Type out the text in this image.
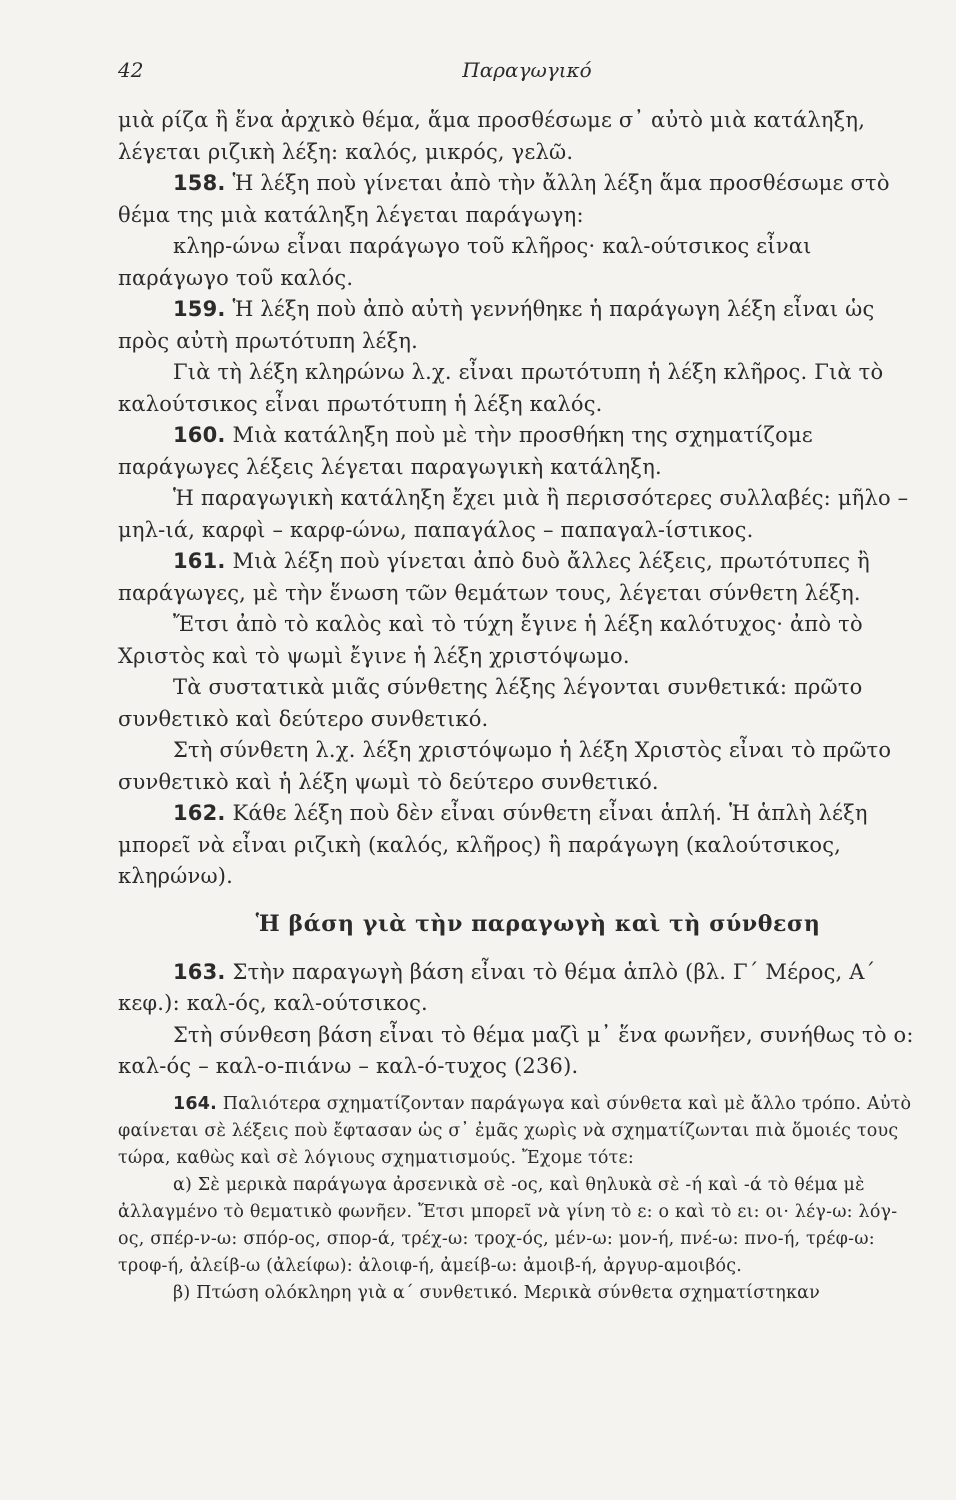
42	Παραγωγικό

μιὰ ρίζα ἢ ἕνα ἀρχικὸ θέμα, ἅμα προσθέσωμε σ᾽ αὐτὸ μιὰ κατάληξη, λέγεται ριζικὴ λέξη: καλός, μικρός, γελῶ.

158. Ἡ λέξη ποὺ γίνεται ἀπὸ τὴν ἄλλη λέξη ἅμα προσθέσωμε στὸ θέμα της μιὰ κατάληξη λέγεται παράγωγη:

κληρ-ώνω εἶναι παράγωγο τοῦ κλῆρος· καλ-ούτσικος εἶναι παράγωγο τοῦ καλός.

159. Ἡ λέξη ποὺ ἀπὸ αὐτὴ γεννήθηκε ἡ παράγωγη λέξη εἶναι ὡς πρὸς αὐτὴ πρωτότυπη λέξη.

Γιὰ τὴ λέξη κληρώνω λ.χ. εἶναι πρωτότυπη ἡ λέξη κλῆρος. Γιὰ τὸ καλούτσικος εἶναι πρωτότυπη ἡ λέξη καλός.

160. Μιὰ κατάληξη ποὺ μὲ τὴν προσθήκη της σχηματίζομε παράγωγες λέξεις λέγεται παραγωγικὴ κατάληξη.

Ἡ παραγωγικὴ κατάληξη ἔχει μιὰ ἢ περισσότερες συλλαβές: μῆλο – μηλ-ιά, καρφὶ – καρφ-ώνω, παπαγάλος – παπαγαλ-ίστικος.

161. Μιὰ λέξη ποὺ γίνεται ἀπὸ δυὸ ἄλλες λέξεις, πρωτότυπες ἢ παράγωγες, μὲ τὴν ἕνωση τῶν θεμάτων τους, λέγεται σύνθετη λέξη.

Ἔτσι ἀπὸ τὸ καλὸς καὶ τὸ τύχη ἔγινε ἡ λέξη καλότυχος· ἀπὸ τὸ Χριστὸς καὶ τὸ ψωμὶ ἔγινε ἡ λέξη χριστόψωμο.

Τὰ συστατικὰ μιᾶς σύνθετης λέξης λέγονται συνθετικά: πρῶτο συνθετικὸ καὶ δεύτερο συνθετικό.

Στὴ σύνθετη λ.χ. λέξη χριστόψωμο ἡ λέξη Χριστὸς εἶναι τὸ πρῶτο συνθετικὸ καὶ ἡ λέξη ψωμὶ τὸ δεύτερο συνθετικό.

162. Κάθε λέξη ποὺ δὲν εἶναι σύνθετη εἶναι ἁπλή. Ἡ ἁπλὴ λέξη μπορεῖ νὰ εἶναι ριζικὴ (καλός, κλῆρος) ἢ παράγωγη (καλούτσικος, κληρώνω).

Ἡ βάση γιὰ τὴν παραγωγὴ καὶ τὴ σύνθεση

163. Στὴν παραγωγὴ βάση εἶναι τὸ θέμα ἁπλὸ (βλ. Γ΄ Μέρος, Α΄ κεφ.): καλ-ός, καλ-ούτσικος.

Στὴ σύνθεση βάση εἶναι τὸ θέμα μαζὶ μ᾽ ἕνα φωνῆεν, συνήθως τὸ ο: καλ-ός – καλ-ο-πιάνω – καλ-ό-τυχος (236).

164. Παλιότερα σχηματίζονταν παράγωγα καὶ σύνθετα καὶ μὲ ἄλλο τρόπο. Αὐτὸ φαίνεται σὲ λέξεις ποὺ ἔφτασαν ὡς σ᾽ ἐμᾶς χωρὶς νὰ σχηματίζωνται πιὰ ὅμοιές τους τώρα, καθὼς καὶ σὲ λόγιους σχηματισμούς. Ἔχομε τότε:

α) Σὲ μερικὰ παράγωγα ἀρσενικὰ σὲ -ος, καὶ θηλυκὰ σὲ -ή καὶ -ά τὸ θέμα μὲ ἀλλαγμένο τὸ θεματικὸ φωνῆεν. Ἔτσι μπορεῖ νὰ γίνη τὸ ε: ο καὶ τὸ ει: οι· λέγ-ω: λόγ-ος, σπέρ-ν-ω: σπόρ-ος, σπορ-ά, τρέχ-ω: τροχ-ός, μέν-ω: μον-ή, πνέ-ω: πνο-ή, τρέφ-ω: τροφ-ή, ἀλείβ-ω (ἀλείφω): ἀλοιφ-ή, ἀμείβ-ω: ἀμοιβ-ή, ἀργυρ-αμοιβός.

β) Πτώση ολόκληρη γιὰ α΄ συνθετικό. Μερικὰ σύνθετα σχηματίστηκαν
